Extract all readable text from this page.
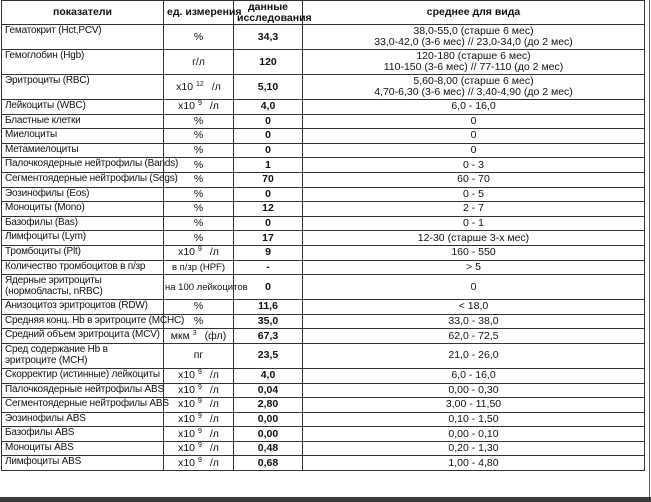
показатели	ед. измерения	данные исследования	среднее для вида
Гематокрит (Hct,PCV)	%	34,3	38,0-55,0 (старше 6 мес)
33,0-42,0 (3-6 мес) // 23,0-34,0 (до 2 мес)

Гемоглобин (Hgb)	г/л	120	120-180 (старше 6 мес)
110-150 (3-6 мес) // 77-110 (до 2 мес)

Эритроциты (RBC)	x10 $^{12}$ /л	5,10	5,60-8,00 (старше 6 мес)
4,70-6,30 (3-6 мес) // 3,40-4,90 (до 2 мес)

Лейкоциты (WBC)	x10 $^9$ /л	4,0	6,0 - 16,0

Бластные клетки	%	0	0

Миелоциты	%	0	0

Метамиелоциты	%	0	0

Палочкоядерные нейтрофилы (Bands)	%	1	0 - 3

Сегментоядерные нейтрофилы (Segs)	%	70	60 - 70

Эозинофилы (Eos)	%	0	0 - 5

Моноциты (Mono)	%	12	2 - 7

Базофилы (Bas)	%	0	0 - 1

Лимфоциты (Lym)	%	17	12-30 (старше 3-х мес)

Тромбоциты (Plt)	x10 $^9$ /л	9	160 - 550

Количество тромбоцитов в п/зр	в п/зр (HPF)	-	> 5

Ядерные эритроциты (нормобласты, nRBC)	на 100 лейкоцитов	0	0

Анизоцитоз эритроцитов (RDW)	%	11,6	< 18,0

Средняя конц. Hb в эритроците (MCHC)	%	35,0	33,0 - 38,0

Средний объем эритроцита (MCV)	мкм $^3$ (фл)	67,3	62,0 - 72,5

Сред содержание Hb в эритроците (MCH)	пг	23,5	21,0 - 26,0

Скорректир (истинные) лейкоциты	x10 $^9$ /л	4,0	6,0 - 16,0

Палочкоядерные нейтрофилы ABS	x10 $^9$ /л	0,04	0,00 - 0,30

Сегментоядерные нейтрофилы ABS	x10 $^9$ /л	2,80	3,00 - 11,50

Эозинофилы ABS	x10 $^9$ /л	0,00	0,10 - 1,50

Базофилы ABS	x10 $^9$ /л	0,00	0,00 - 0,10

Моноциты ABS	x10 $^9$ /л	0,48	0,20 - 1,30

Лимфоциты ABS	x10 $^9$ /л	0,68	1,00 - 4,80
